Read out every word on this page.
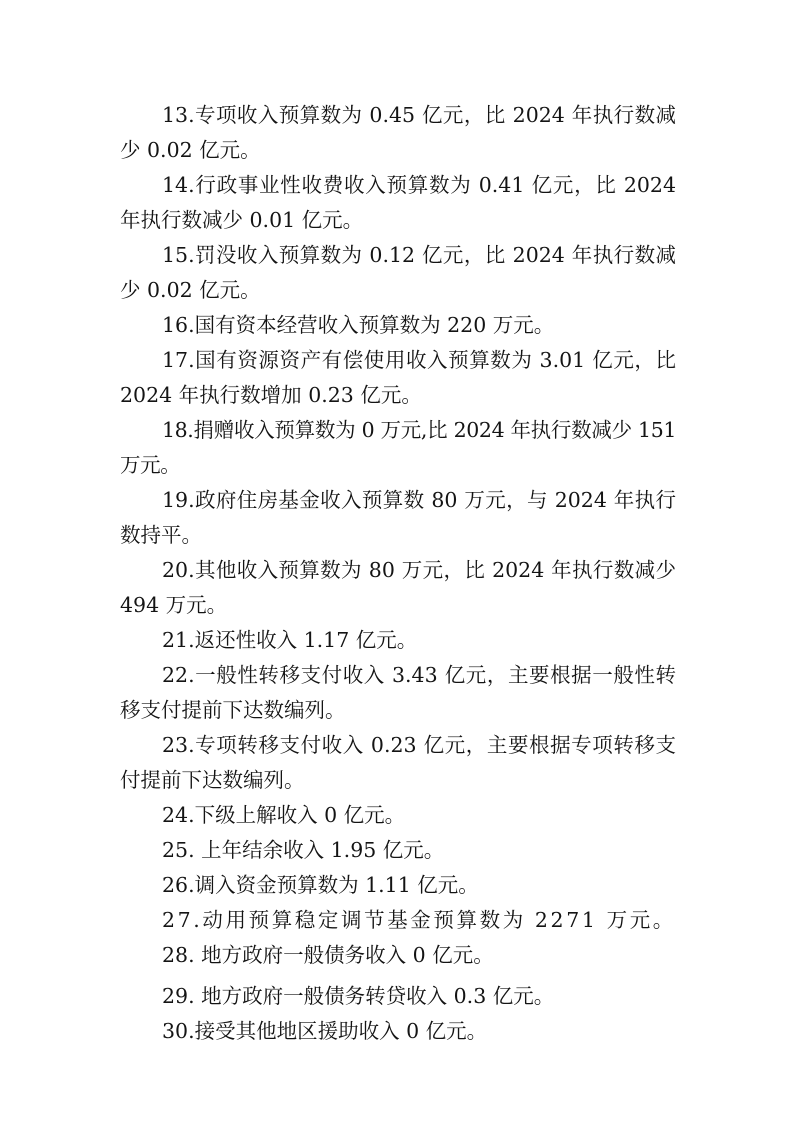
13.专项收入预算数为 0.45 亿元，比 2024 年执行数减少 0.02 亿元。

14.行政事业性收费收入预算数为 0.41 亿元，比 2024 年执行数减少 0.01 亿元。

15.罚没收入预算数为 0.12 亿元，比 2024 年执行数减少 0.02 亿元。

16.国有资本经营收入预算数为 220 万元。

17.国有资源资产有偿使用收入预算数为 3.01 亿元，比 2024 年执行数增加 0.23 亿元。

18.捐赠收入预算数为 0 万元,比 2024 年执行数减少 151 万元。

19.政府住房基金收入预算数 80 万元，与 2024 年执行数持平。

20.其他收入预算数为 80 万元，比 2024 年执行数减少 494 万元。

21.返还性收入 1.17 亿元。

22.一般性转移支付收入 3.43 亿元，主要根据一般性转移支付提前下达数编列。

23.专项转移支付收入 0.23 亿元，主要根据专项转移支付提前下达数编列。

24.下级上解收入 0 亿元。

25. 上年结余收入 1.95 亿元。

26.调入资金预算数为 1.11 亿元。

27.动用预算稳定调节基金预算数为 2271 万元。

28. 地方政府一般债务收入 0 亿元。

29. 地方政府一般债务转贷收入 0.3 亿元。

30.接受其他地区援助收入 0 亿元。
